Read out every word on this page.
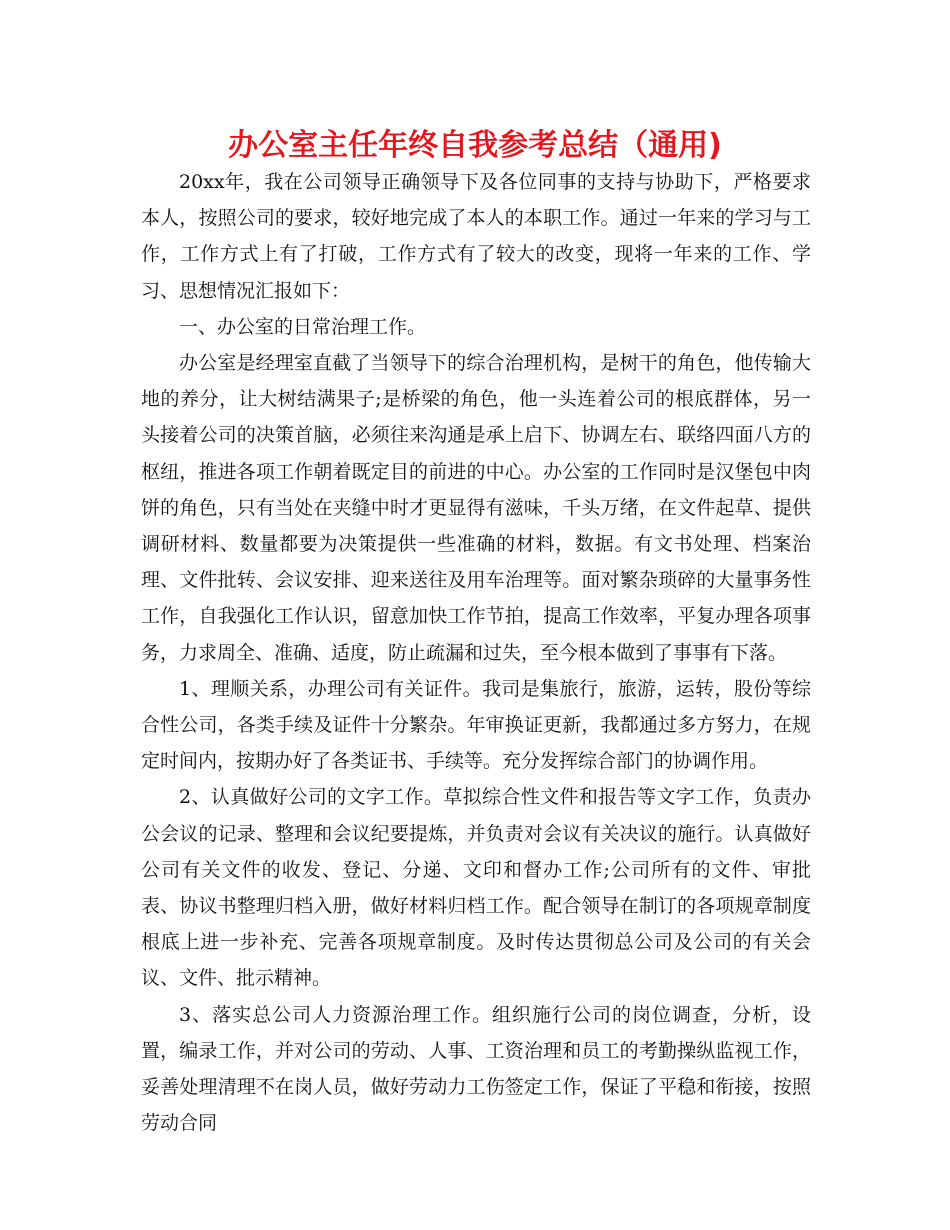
办公室主任年终自我参考总结（通用)

20xx年，我在公司领导正确领导下及各位同事的支持与协助下，严格要求本人，按照公司的要求，较好地完成了本人的本职工作。通过一年来的学习与工作，工作方式上有了打破，工作方式有了较大的改变，现将一年来的工作、学习、思想情况汇报如下：

一、办公室的日常治理工作。

办公室是经理室直截了当领导下的综合治理机构，是树干的角色，他传输大地的养分，让大树结满果子;是桥梁的角色，他一头连着公司的根底群体，另一头接着公司的决策首脑，必须往来沟通是承上启下、协调左右、联络四面八方的枢纽，推进各项工作朝着既定目的前进的中心。办公室的工作同时是汉堡包中肉饼的角色，只有当处在夹缝中时才更显得有滋味，千头万绪，在文件起草、提供调研材料、数量都要为决策提供一些准确的材料，数据。有文书处理、档案治理、文件批转、会议安排、迎来送往及用车治理等。面对繁杂琐碎的大量事务性工作，自我强化工作认识，留意加快工作节拍，提高工作效率，平复办理各项事务，力求周全、准确、适度，防止疏漏和过失，至今根本做到了事事有下落。

1、理顺关系，办理公司有关证件。我司是集旅行，旅游，运转，股份等综合性公司，各类手续及证件十分繁杂。年审换证更新，我都通过多方努力，在规定时间内，按期办好了各类证书、手续等。充分发挥综合部门的协调作用。

2、认真做好公司的文字工作。草拟综合性文件和报告等文字工作，负责办公会议的记录、整理和会议纪要提炼，并负责对会议有关决议的施行。认真做好公司有关文件的收发、登记、分递、文印和督办工作;公司所有的文件、审批表、协议书整理归档入册，做好材料归档工作。配合领导在制订的各项规章制度根底上进一步补充、完善各项规章制度。及时传达贯彻总公司及公司的有关会议、文件、批示精神。

3、落实总公司人力资源治理工作。组织施行公司的岗位调查，分析，设置，编录工作，并对公司的劳动、人事、工资治理和员工的考勤操纵监视工作，妥善处理清理不在岗人员，做好劳动力工伤签定工作，保证了平稳和衔接，按照劳动合同
